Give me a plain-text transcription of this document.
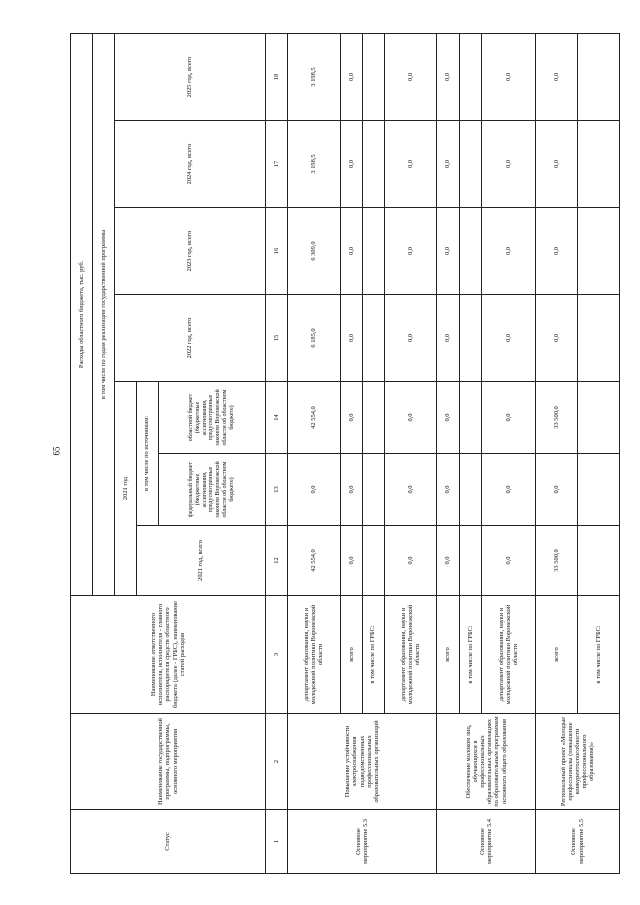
65
Статус	Наименование государственной программы, подпрограммы, основного мероприятия	Наименование ответственного исполнителя, исполнителя - главного распорядителя средств областного бюджета (далее - ГРБС), наименование статей расходов	Расходы областного бюджета, тыс. руб.						
			в том числе по годам реализации государственной программы						
			2021 год			2022 год, всего	2023 год, всего	2024 год, всего	2025 год, всего
			2021 год, всего	в том числе по источникам:					
				федеральный бюджет (бюджетные ассигнования, предусмотренные законом Воронежской области об областном бюджете)	областной бюджет (бюджетные ассигнования, предусмотренные законом Воронежской области об областном бюджете)				
1	2	3	12	13	14	15	16	17	18
Основное мероприятие 5.3	Повышение устойчивости электроснабжения подведомственных профессиональных образовательных организаций	департамент образования, науки и молодежной политики Воронежской области	42 554,0	0,0	42 554,0	6 185,0	6 309,0	3 198,5	3 198,5
		всего	0,0	0,0	0,0	0,0	0,0	0,0	0,0
		в том числе по ГРБС:							
		департамент образования, науки и молодежной политики Воронежской области	0,0	0,0	0,0	0,0	0,0	0,0	0,0
Основное мероприятие 5.4	Обеспечение молоком лиц, обучающихся в профессиональных образовательных организациях по образовательным программам основного общего образования	всего	0,0	0,0	0,0	0,0	0,0	0,0	0,0
		в том числе по ГРБС:							
		департамент образования, науки и молодежной политики Воронежской области	0,0	0,0	0,0	0,0	0,0	0,0	0,0
Основное мероприятие 5.5	Региональный проект «Молодые профессионалы (повышение конкурентоспособности профессионального образования)»	всего	33 500,0	0,0	33 500,0	0,0	0,0	0,0	0,0
		в том числе по ГРБС:							
